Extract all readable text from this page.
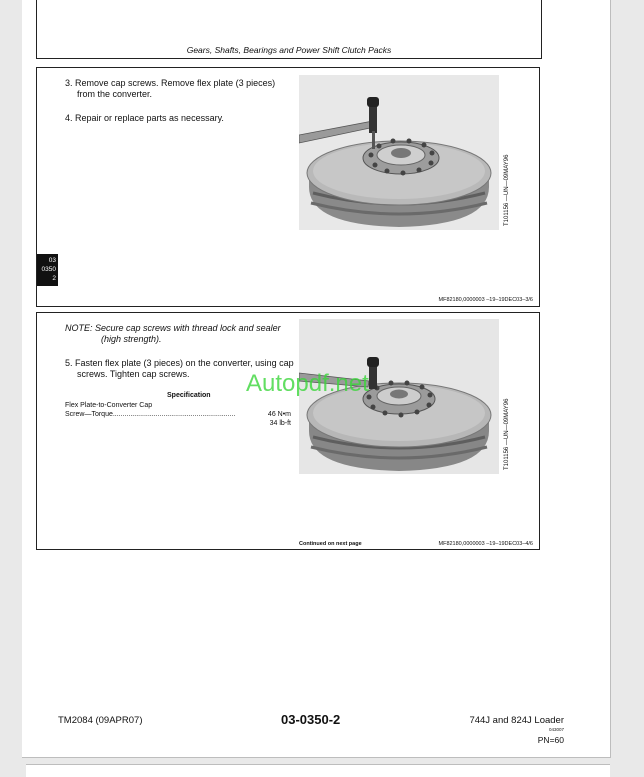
Gears, Shafts, Bearings and Power Shift Clutch Packs
03
0350
2
3. Remove cap screws. Remove flex plate (3 pieces)
from the converter.
4. Repair or replace parts as necessary.
T101156 —UN—09MAY96
MF82180,0000003 –19–19DEC03–3/6
NOTE: Secure cap screws with thread lock and sealer
(high strength).
5. Fasten flex plate (3 pieces) on the converter, using cap
screws. Tighten cap screws.
Specification
Flex Plate-to-Converter Cap
Screw—Torque...............................................................	46 N•m
34 lb-ft	T101156 —UN—09MAY96
Continued on next page	MF82180,0000003 –19–19DEC03–4/6
Autopdf.net
TM2084 (09APR07)	03-0350-2	744J and 824J Loader
043007
PN=60
